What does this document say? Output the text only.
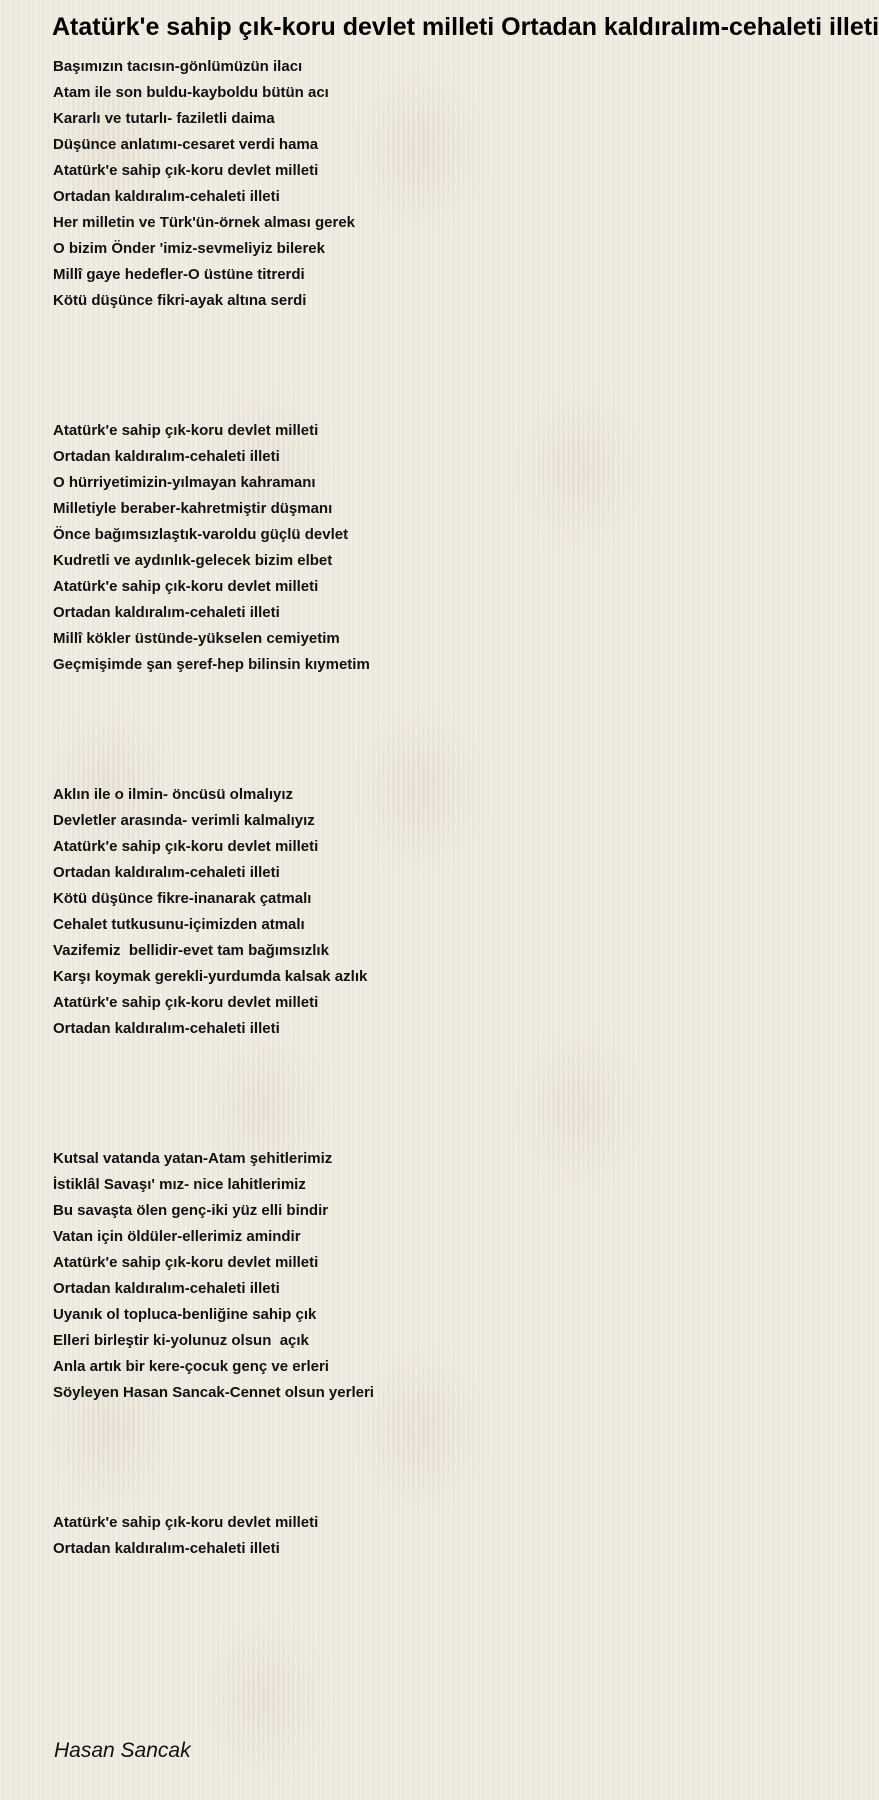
Atatürk'e sahip çık-koru devlet milleti Ortadan kaldıralım-cehaleti illeti
Başımızın tacısın-gönlümüzün ilacı
Atam ile son buldu-kayboldu bütün acı
Kararlı ve tutarlı- faziletli daima
Düşünce anlatımı-cesaret verdi hama
Atatürk'e sahip çık-koru devlet milleti
Ortadan kaldıralım-cehaleti illeti
Her milletin ve Türk'ün-örnek alması gerek
O bizim Önder 'imiz-sevmeliyiz bilerek
Millî gaye hedefler-O üstüne titrerdi
Kötü düşünce fikri-ayak altına serdi
Atatürk'e sahip çık-koru devlet milleti
Ortadan kaldıralım-cehaleti illeti
O hürriyetimizin-yılmayan kahramanı
Milletiyle beraber-kahretmiştir düşmanı
Önce bağımsızlaştık-varoldu güçlü devlet
Kudretli ve aydınlık-gelecek bizim elbet
Atatürk'e sahip çık-koru devlet milleti
Ortadan kaldıralım-cehaleti illeti
Millî kökler üstünde-yükselen cemiyetim
Geçmişimde şan şeref-hep bilinsin kıymetim
Aklın ile o ilmin- öncüsü olmalıyız
Devletler arasında- verimli kalmalıyız
Atatürk'e sahip çık-koru devlet milleti
Ortadan kaldıralım-cehaleti illeti
Kötü düşünce fikre-inanarak çatmalı
Cehalet tutkusunu-içimizden atmalı
Vazifemiz  bellidir-evet tam bağımsızlık
Karşı koymak gerekli-yurdumda kalsak azlık
Atatürk'e sahip çık-koru devlet milleti
Ortadan kaldıralım-cehaleti illeti
Kutsal vatanda yatan-Atam şehitlerimiz
İstiklâl Savaşı' mız- nice lahitlerimiz
Bu savaşta ölen genç-iki yüz elli bindir
Vatan için öldüler-ellerimiz amindir
Atatürk'e sahip çık-koru devlet milleti
Ortadan kaldıralım-cehaleti illeti
Uyanık ol topluca-benliğine sahip çık
Elleri birleştir ki-yolunuz olsun  açık
Anla artık bir kere-çocuk genç ve erleri
Söyleyen Hasan Sancak-Cennet olsun yerleri
Atatürk'e sahip çık-koru devlet milleti
Ortadan kaldıralım-cehaleti illeti

Hasan Sancak
